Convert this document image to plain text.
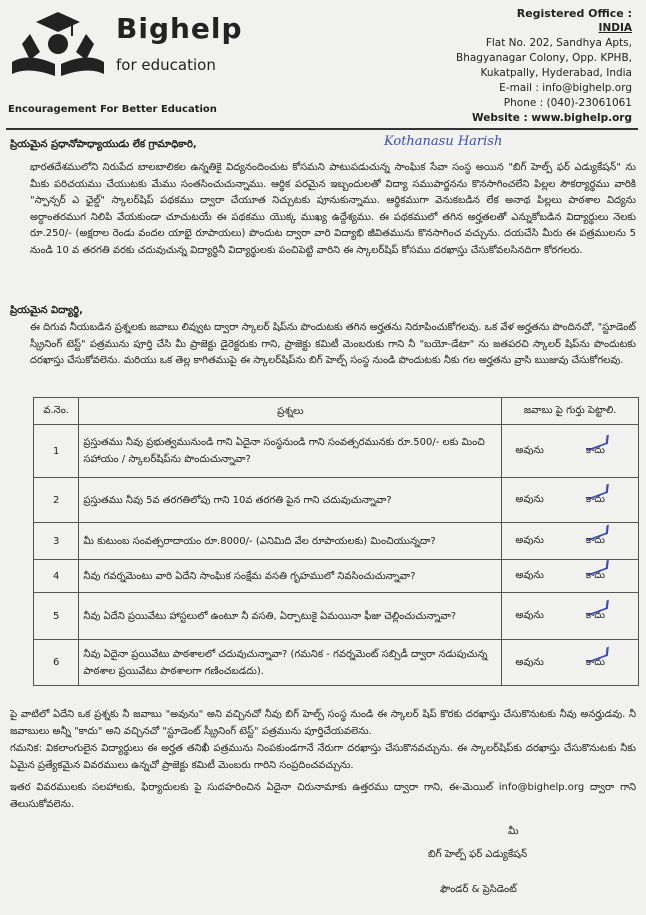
Bighelp
for education
Encouragement For Better Education
Registered Office :
INDIA
Flat No. 202, Sandhya Apts,
Bhagyanagar Colony, Opp. KPHB,
Kukatpally, Hyderabad, India
E-mail : info@bighelp.org
Phone : (040)-23061061
Website : www.bighelp.org
Kothanasu Harish
ప్రియమైన ప్రధానోపాధ్యాయుడు లేక గ్రామాధికారి,
భారతదేశములోని నిరుపేద బాలబాలికల ఉన్నతికై విద్యనందించుట కోసమని పాటుపడుచున్న సాంఘిక సేవా సంస్థ అయిన "బిగ్ హెల్ప్ ఫర్ ఎడ్యుకేషన్" ను మీకు పరిచయము చేయుటకు మేము సంతసించుచున్నాము. ఆర్థిక పరమైన ఇబ్బందులతో విద్యా సముపార్జనను కొనసాగించలేని పిల్లల సౌకర్యార్థము వారికి "స్పాన్సర్ ఎ ఛైల్డ్" స్కాలర్‌షిప్ పథకము ద్వారా చేయూత నిచ్చుటకు పూనుకున్నాము. ఆర్థికముగా వెనుకబడిన లేక అనాథ పిల్లలు పాఠశాల విద్యను అర్ధాంతరముగ నిలిపి వేయకుండా చూచుటయే ఈ పథకము యొక్క ముఖ్య ఉద్దేశ్యము. ఈ పథకములో తగిన అర్హతలతో ఎన్నుకోబడిన విద్యార్థులు నెలకు రూ.250/- (అక్షరాల రెండు వందల యాభై రూపాయలు) పొందుట ద్వారా వారి విద్యాభి జీవితమును కొనసాగించ వచ్చును. దయచేసి మీరు ఈ పత్రములను 5 నుండి 10 వ తరగతి వరకు చదువుచున్న విద్యార్థినీ విద్యార్థులకు పంచిపెట్టి వారిని ఈ స్కాలర్‌షిప్ కోసము దరఖాస్తు చేసుకోవలసినదిగా కోరగలరు.
ప్రియమైన విద్యార్థి,
ఈ దిగువ నీయబడిన ప్రశ్నలకు జవాబు లివ్వుట ద్వారా స్కాలర్ షిప్‌ను పొందుటకు తగిన అర్హతను నిరూపించుకోగలవు. ఒక వేళ అర్హతను పొందినచో, "స్టూడెంట్ స్క్రీనింగ్ టెస్ట్" పత్రమును పూర్తి చేసి మీ ప్రాజెక్టు డైరెక్టరుకు గాని, ప్రాజెక్టు కమిటీ మెంబరుకు గాని నీ "బయో-డేటా" ను జతపరచి స్కాలర్ షిప్‌ను పొందుటకు దరఖాస్తు చేసుకోవలెను. మరియు ఒక తెల్ల కాగితముపై ఈ స్కాలర్‌షిప్‌ను బిగ్ హెల్ప్ సంస్థ నుండి పొందుటకు నీకు గల అర్హతను వ్రాసి ఋజువు చేసుకోగలవు.
వ.నెం.	ప్రశ్నలు	జవాబు పై గుర్తు పెట్టాలి.
1	ప్రస్తుతము నీవు ప్రభుత్వమునుండి గాని ఏదైనా సంస్థనుండి గాని సంవత్సరమునకు రూ.500/- లకు మించి సహాయం / స్కాలర్‌షిప్‌ను పొందుచున్నావా?	అవును కాదు
2	ప్రస్తుతము నీవు 5వ తరగతిలోపు గాని 10వ తరగతి పైన గాని చదువుచున్నావా?	అవును కాదు
3	మీ కుటుంబ సంవత్సరాదాయం రూ.8000/- (ఎనిమిది వేల రూపాయలకు) మించియున్నదా?	అవును కాదు
4	నీవు గవర్నమెంటు వారి ఏదేని సాంఘిక సంక్షేమ వసతి గృహములో నివసించుచున్నావా?	అవును కాదు
5	నీవు ఏదేని ప్రయివేటు హాస్టలులో ఉంటూ నీ వసతి, ఏర్పాటుకై ఏమయినా ఫీజు చెల్లించుచున్నావా?	అవును కాదు
6	నీవు ఏదైనా ప్రయివేటు పాఠశాలలో చదువుచున్నావా? (గమనిక - గవర్నమెంట్ సబ్సిడీ ద్వారా నడుపుచున్న పాఠశాల ప్రయివేటు పాఠశాలగా గణించబడదు).	అవును కాదు
పై వాటిలో ఏదేని ఒక ప్రశ్నకు నీ జవాబు "అవును" అని వచ్చినచో నీవు బిగ్ హెల్ప్ సంస్థ నుండి ఈ స్కాలర్ షిప్ కొరకు దరఖాస్తు చేసుకొనుటకు నీవు అనర్హుడవు. నీ జవాబులు అన్నీ "కాదు" అని వచ్చినచో "స్టూడెంట్ స్క్రీనింగ్ టెస్ట్" పత్రమును పూర్తిచేయవలెను.
గమనిక: వికలాంగులైన విద్యార్థులు ఈ అర్హత తనిఖీ పత్రమును నింపకుండగానే నేరుగా దరఖాస్తు చేసుకొనవచ్చును. ఈ స్కాలర్‌షిప్‌కు దరఖాస్తు చేసుకొనుటకు నీకు ఏమైన ప్రత్యేకమైన వివరములు ఉన్నచో ప్రాజెక్టు కమిటీ మెంబరు గారిని సంప్రదించవచ్చును.
ఇతర వివరములకు సలహాలకు, ఫిర్యాదులకు పై సుదహరించిన ఏదైనా చిరునామాకు ఉత్తరము ద్వారా గాని, ఈ-మెయిల్ info@bighelp.org ద్వారా గాని తెలుసుకోవలెను.
మీ
బిగ్ హెల్ప్ ఫర్ ఎడ్యుకేషన్
ఫౌండర్ & ప్రెసిడెంట్
